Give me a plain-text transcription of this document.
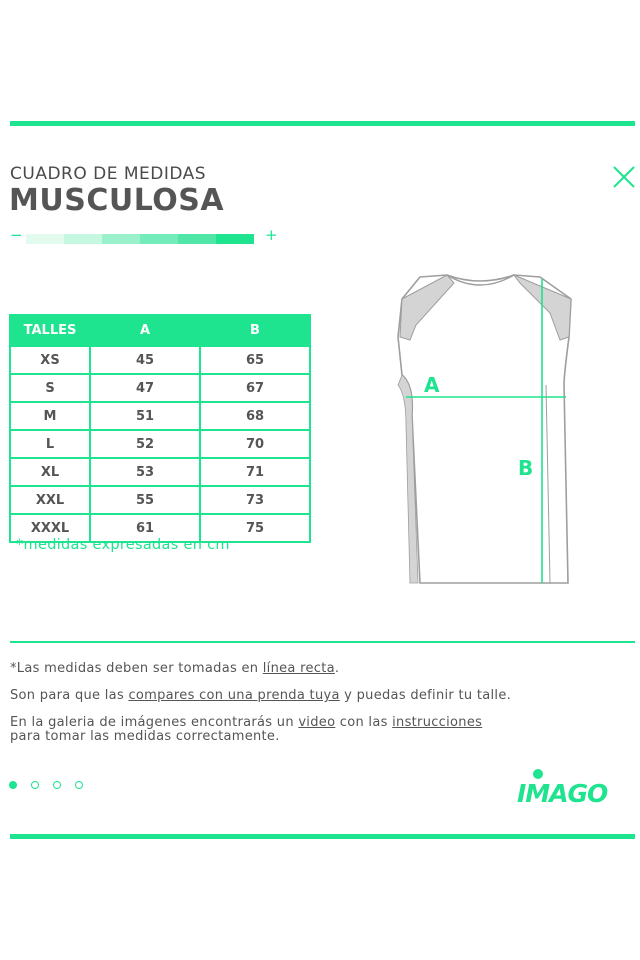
CUADRO DE MEDIDAS
MUSCULOSA
−	+
TALLES	A	B
XS	45	65
S	47	67
M	51	68
L	52	70
XL	53	71
XXL	55	73
XXXL	61	75
*medidas expresadas en cm
A
B
*Las medidas deben ser tomadas en línea recta.
Son para que las compares con una prenda tuya y puedas definir tu talle.
En la galeria de imágenes encontrarás un video con las instrucciones
para tomar las medidas correctamente.
IMAGO
